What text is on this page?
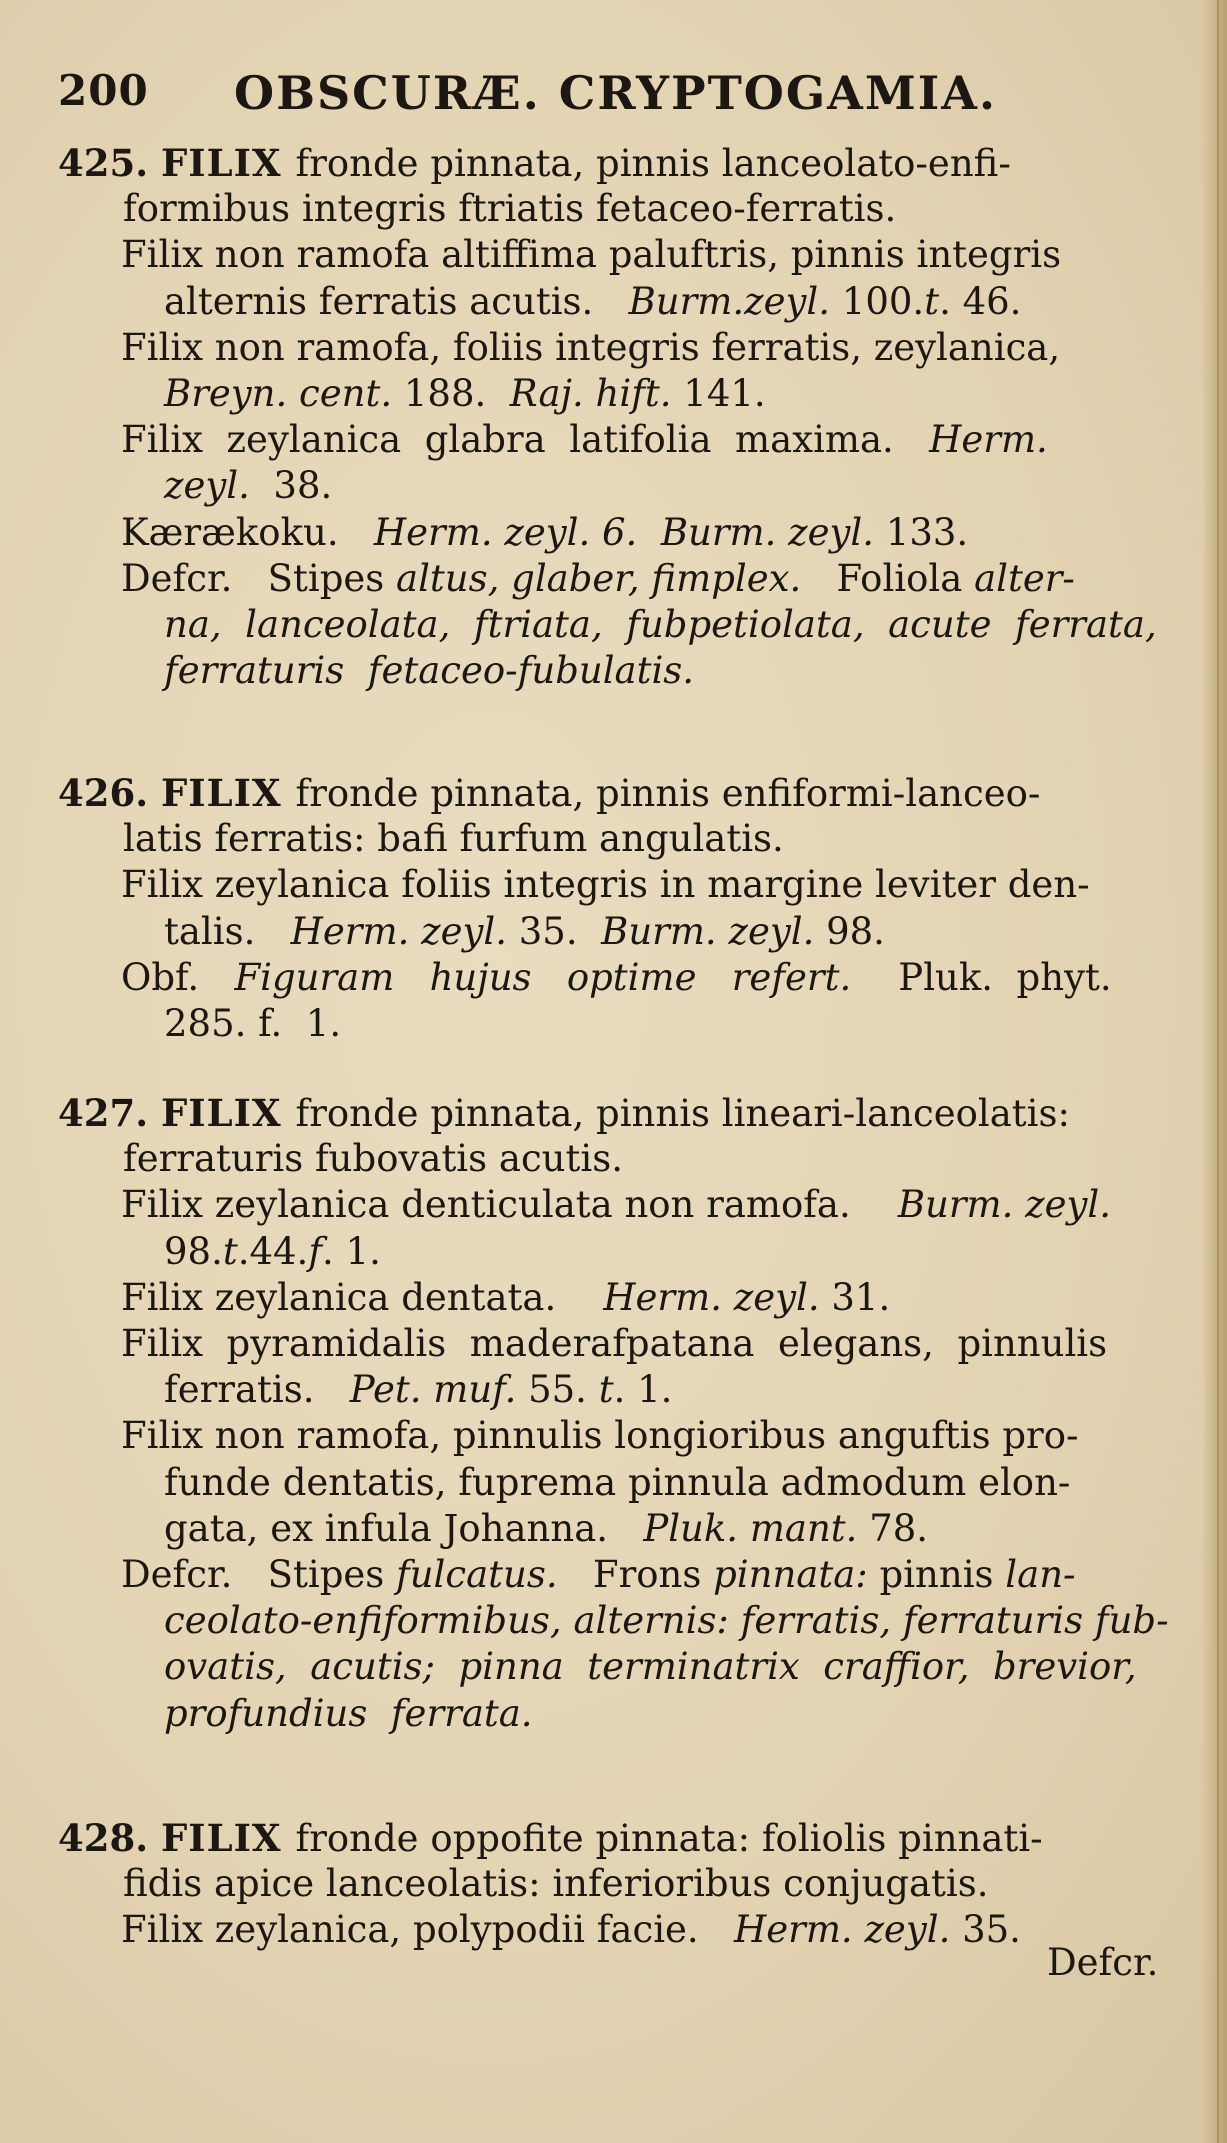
200 OBSCURÆ. CRYPTOGAMIA.
425. FILIX fronde pinnata, pinnis lanceolato-enfi-
formibus integris ftriatis fetaceo-ferratis.
Filix non ramofa altiffima paluftris, pinnis integris
alternis ferratis acutis.   Burm.zeyl. 100.t. 46.
Filix non ramofa, foliis integris ferratis, zeylanica,
Breyn. cent. 188.  Raj. hift. 141.
Filix  zeylanica  glabra  latifolia  maxima.   Herm.
zeyl.  38.
Kærækoku.   Herm. zeyl. 6.  Burm. zeyl. 133.
Defcr.   Stipes altus, glaber, fimplex.   Foliola alter-
na,  lanceolata,  ftriata,  fubpetiolata,  acute  ferrata,
ferraturis  fetaceo-fubulatis.
426. FILIX fronde pinnata, pinnis enfiformi-lanceo-
latis ferratis: bafi furfum angulatis.
Filix zeylanica foliis integris in margine leviter den-
talis.   Herm. zeyl. 35.  Burm. zeyl. 98.
Obf.   Figuram   hujus   optime   refert.    Pluk.  phyt.
285. f.  1.
427. FILIX fronde pinnata, pinnis lineari-lanceolatis:
ferraturis fubovatis acutis.
Filix zeylanica denticulata non ramofa.    Burm. zeyl.
98.t.44.f. 1.
Filix zeylanica dentata.    Herm. zeyl. 31.
Filix  pyramidalis  maderafpatana  elegans,  pinnulis
ferratis.   Pet. muf. 55. t. 1.
Filix non ramofa, pinnulis longioribus anguftis pro-
funde dentatis, fuprema pinnula admodum elon-
gata, ex infula Johanna.   Pluk. mant. 78.
Defcr.   Stipes fulcatus.   Frons pinnata: pinnis lan-
ceolato-enfiformibus, alternis: ferratis, ferraturis fub-
ovatis,  acutis;  pinna  terminatrix  craffior,  brevior,
profundius  ferrata.
428. FILIX fronde oppofite pinnata: foliolis pinnati-
fidis apice lanceolatis: inferioribus conjugatis.
Filix zeylanica, polypodii facie.   Herm. zeyl. 35.
Defcr.
